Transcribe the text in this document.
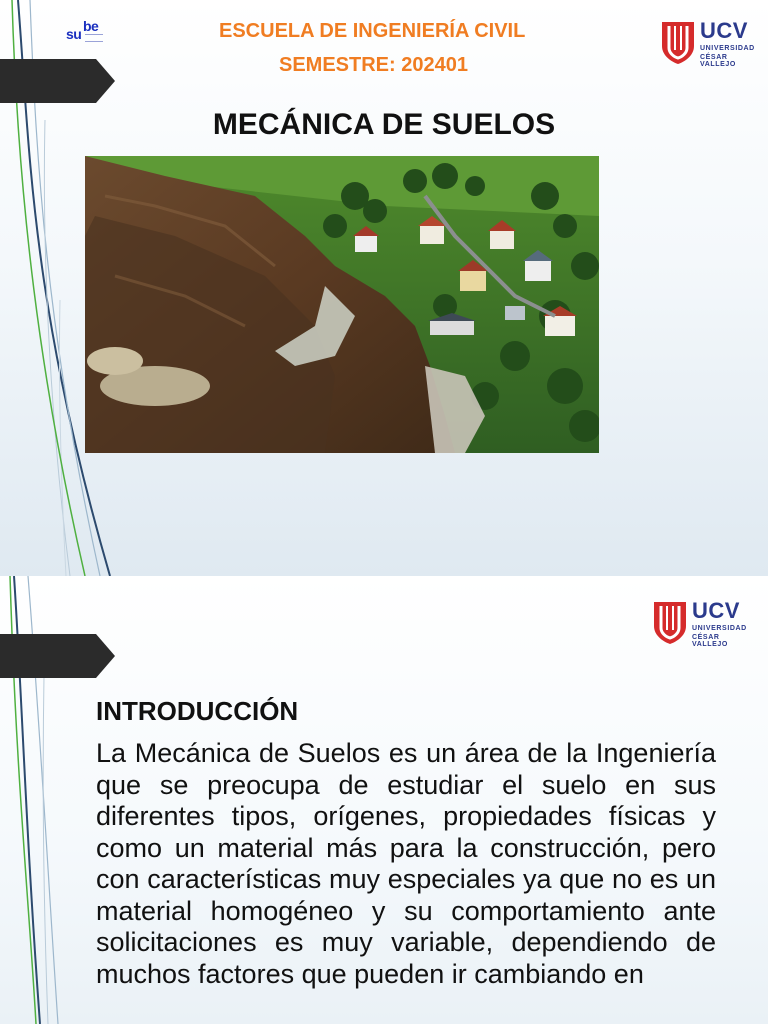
be
su	ESCUELA DE INGENIERÍA CIVIL
SEMESTRE: 202401
UCV
UNIVERSIDAD
CÉSAR VALLEJO
MECÁNICA DE SUELOS
UCV
UNIVERSIDAD
CÉSAR VALLEJO
INTRODUCCIÓN

La Mecánica de Suelos es un área de la Ingeniería que se preocupa de estudiar el suelo en sus diferentes tipos, orígenes, propiedades físicas y como un material más para la construcción, pero con características muy especiales ya que no es un material homogéneo y su comportamiento ante solicitaciones es muy variable, dependiendo de muchos factores que pueden ir cambiando en
